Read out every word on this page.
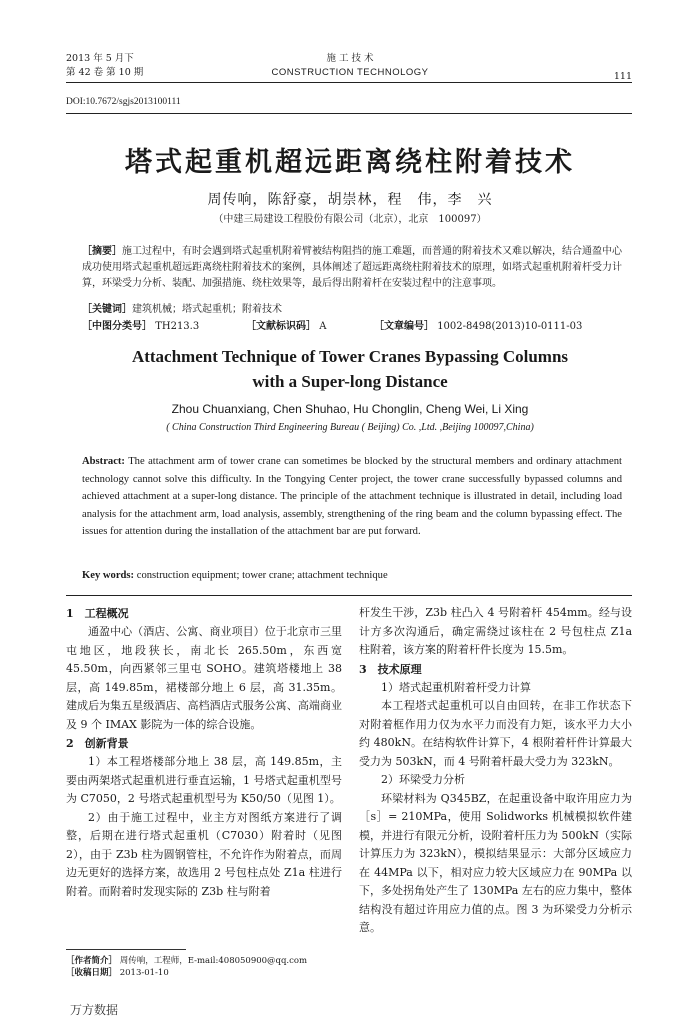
2013 年 5 月下
第 42 卷 第 10 期
施 工 技 术
CONSTRUCTION TECHNOLOGY	111
DOI:10.7672/sgjs2013100111
塔式起重机超远距离绕柱附着技术
周传响，陈舒豪，胡崇林，程　伟，李　兴
（中建三局建设工程股份有限公司（北京），北京　100097）
［摘要］施工过程中，有时会遇到塔式起重机附着臂被结构阻挡的施工难题，而普通的附着技术又难以解决，结合通盈中心成功使用塔式起重机超远距离绕柱附着技术的案例，具体阐述了超远距离绕柱附着技术的原理，如塔式起重机附着杆受力计算，环梁受力分析、装配、加强措施、绕柱效果等，最后得出附着杆在安装过程中的注意事项。
［关键词］建筑机械；塔式起重机；附着技术
［中图分类号］ TH213.3	［文献标识码］ A	［文章编号］ 1002-8498(2013)10-0111-03
Attachment Technique of Tower Cranes Bypassing Columns
with a Super-long Distance
Zhou Chuanxiang, Chen Shuhao, Hu Chonglin, Cheng Wei, Li Xing
( China Construction Third Engineering Bureau ( Beijing) Co. ,Ltd. ,Beijing 100097,China)
Abstract: The attachment arm of tower crane can sometimes be blocked by the structural members and ordinary attachment technology cannot solve this difficulty. In the Tongying Center project, the tower crane successfully bypassed columns and achieved attachment at a super-long distance. The principle of the attachment technique is illustrated in detail, including load analysis for the attachment arm, load analysis, assembly, strengthening of the ring beam and the column bypassing effect. The issues for attention during the installation of the attachment bar are put forward.
Key words: construction equipment; tower crane; attachment technique
1　工程概况

通盈中心（酒店、公寓、商业项目）位于北京市三里屯地区，地段狭长，南北长 265.50m，东西宽 45.50m，向西紧邻三里屯 SOHO。建筑塔楼地上 38 层，高 149.85m，裙楼部分地上 6 层，高 31.35m。建成后为集五星级酒店、高档酒店式服务公寓、高端商业及 9 个 IMAX 影院为一体的综合设施。

2　创新背景

1）本工程塔楼部分地上 38 层，高 149.85m，主要由两架塔式起重机进行垂直运输，1 号塔式起重机型号为 C7050，2 号塔式起重机型号为 K50/50（见图 1）。

2）由于施工过程中，业主方对图纸方案进行了调整，后期在进行塔式起重机（C7030）附着时（见图 2），由于 Z3b 柱为圆钢管柱，不允许作为附着点，而周边无更好的选择方案，故选用 2 号包柱点处 Z1a 柱进行附着。而附着时发现实际的 Z3b 柱与附着

［作者简介］ 周传响，工程师，E-mail:408050900@qq.com
［收稿日期］ 2013-01-10
杆发生干涉，Z3b 柱凸入 4 号附着杆 454mm。经与设计方多次沟通后，确定需绕过该柱在 2 号包柱点 Z1a 柱附着，该方案的附着杆件长度为 15.5m。
3　技术原理

1）塔式起重机附着杆受力计算

本工程塔式起重机可以自由回转，在非工作状态下对附着框作用力仅为水平力而没有力矩，该水平力大小约 480kN。在结构软件计算下，4 根附着杆件计算最大受力为 503kN，而 4 号附着杆最大受力为 323kN。

2）环梁受力分析

环梁材料为 Q345BZ，在起重设备中取许用应力为［s］= 210MPa，使用 Solidworks 机械模拟软件建模，并进行有限元分析，设附着杆压力为 500kN（实际计算压力为 323kN），模拟结果显示：大部分区域应力在 44MPa 以下，相对应力较大区域应力在 90MPa 以下，多处拐角处产生了 130MPa 左右的应力集中，整体结构没有超过许用应力值的点。图 3 为环梁受力分析示意。

万方数据
